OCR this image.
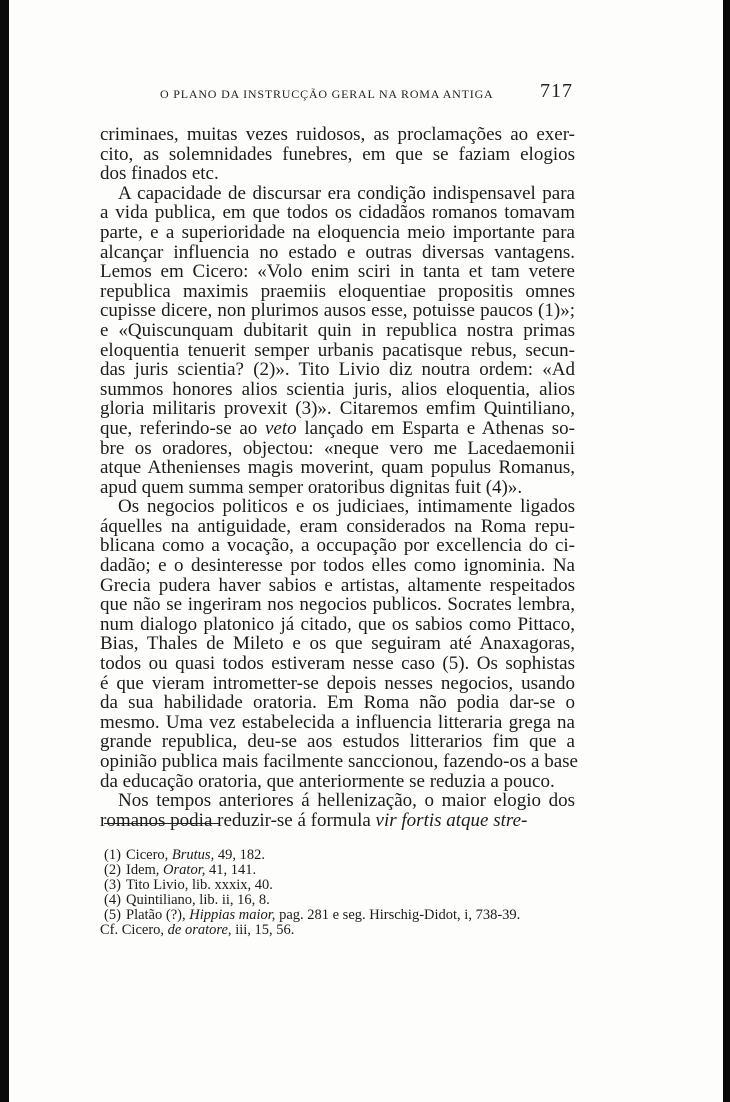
O PLANO DA INSTRUCÇÃO GERAL NA ROMA ANTIGA	717

criminaes, muitas vezes ruidosos, as proclamações ao exer-
cito, as solemnidades funebres, em que se faziam elogios
dos finados etc.

A capacidade de discursar era condição indispensavel para
a vida publica, em que todos os cidadãos romanos tomavam
parte, e a superioridade na eloquencia meio importante para
alcançar influencia no estado e outras diversas vantagens.
Lemos em Cicero: «Volo enim sciri in tanta et tam vetere
republica maximis praemiis eloquentiae propositis omnes
cupisse dicere, non plurimos ausos esse, potuisse paucos (1)»;
e «Quiscunquam dubitarit quin in republica nostra primas
eloquentia tenuerit semper urbanis pacatisque rebus, secun-
das juris scientia? (2)». Tito Livio diz noutra ordem: «Ad
summos honores alios scientia juris, alios eloquentia, alios
gloria militaris provexit (3)». Citaremos emfim Quintiliano,
que, referindo-se ao veto lançado em Esparta e Athenas so-
bre os oradores, objectou: «neque vero me Lacedaemonii
atque Athenienses magis moverint, quam populus Romanus,
apud quem summa semper oratoribus dignitas fuit (4)».

Os negocios politicos e os judiciaes, intimamente ligados
áquelles na antiguidade, eram considerados na Roma repu-
blicana como a vocação, a occupação por excellencia do ci-
dadão; e o desinteresse por todos elles como ignominia. Na
Grecia pudera haver sabios e artistas, altamente respeitados
que não se ingeriram nos negocios publicos. Socrates lembra,
num dialogo platonico já citado, que os sabios como Pittaco,
Bias, Thales de Mileto e os que seguiram até Anaxagoras,
todos ou quasi todos estiveram nesse caso (5). Os sophistas
é que vieram intrometter-se depois nesses negocios, usando
da sua habilidade oratoria. Em Roma não podia dar-se o
mesmo. Uma vez estabelecida a influencia litteraria grega na
grande republica, deu-se aos estudos litterarios fim que a
opinião publica mais facilmente sanccionou, fazendo-os a base
da educação oratoria, que anteriormente se reduzia a pouco.

Nos tempos anteriores á hellenização, o maior elogio dos
romanos podia reduzir-se á formula vir fortis atque stre-

(1) Cicero, Brutus, 49, 182.
(2) Idem, Orator, 41, 141.
(3) Tito Livio, lib. xxxix, 40.
(4) Quintiliano, lib. ii, 16, 8.
(5) Platão (?), Hippias maior, pag. 281 e seg. Hirschig-Didot, i, 738-39.
Cf. Cicero, de oratore, iii, 15, 56.
